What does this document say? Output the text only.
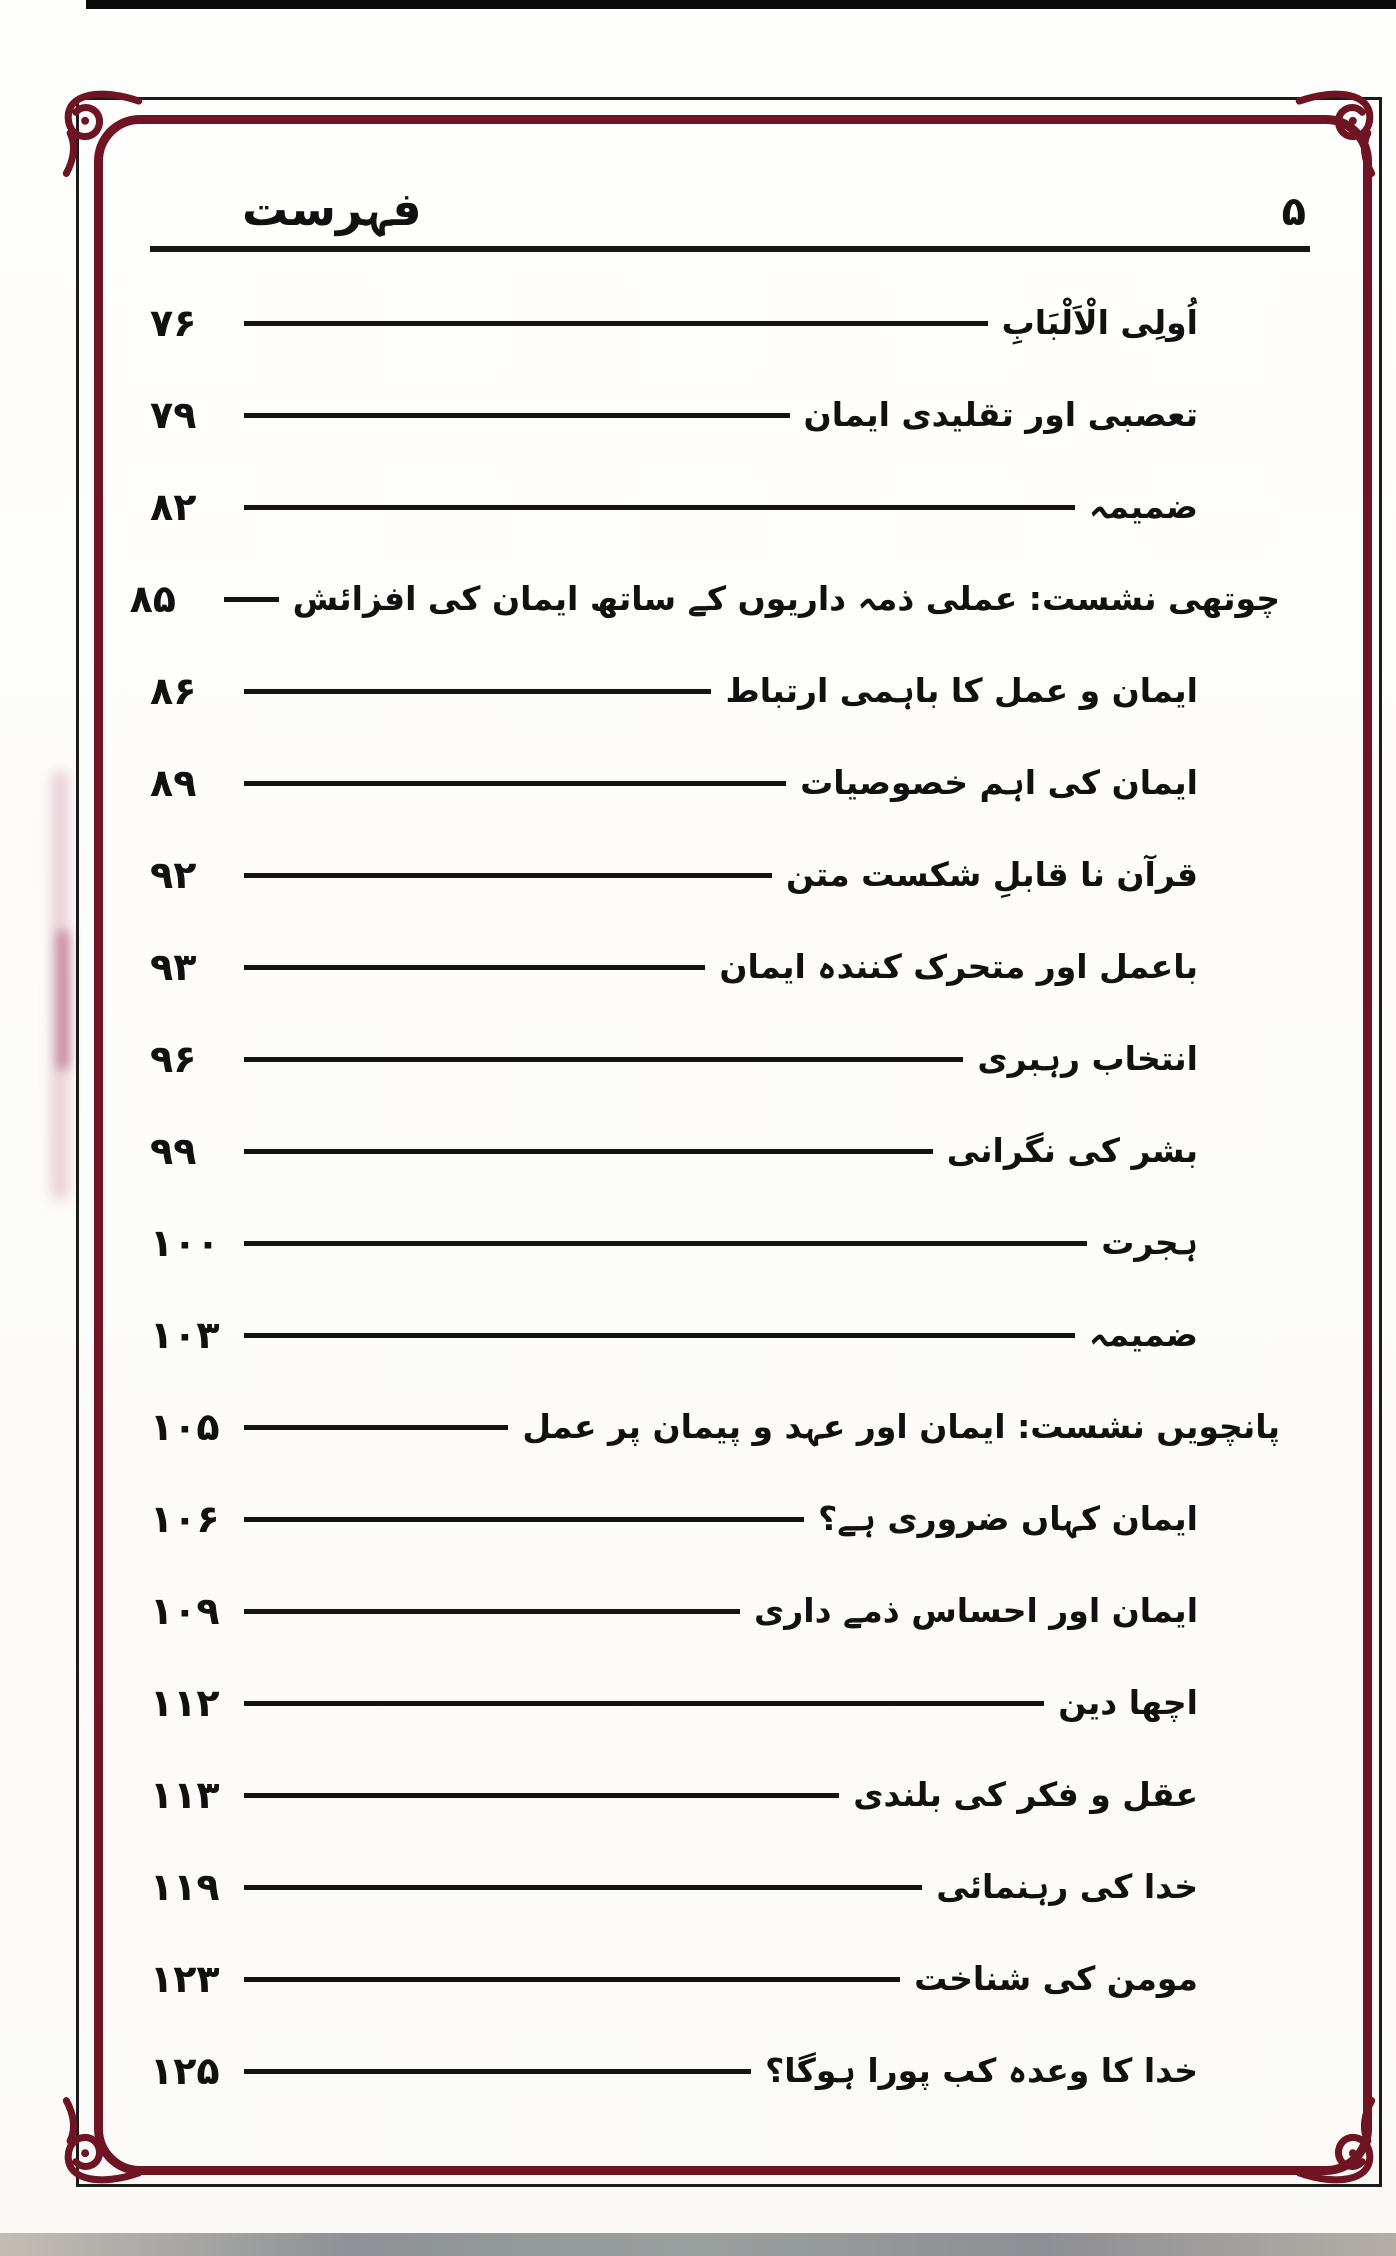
۵
فہرست
اُولِی الْاَلْبَابِ
۷۶
تعصبی اور تقلیدی ایمان
۷۹
ضمیمہ
۸۲
چوتھی نشست: عملی ذمہ داریوں کے ساتھ ایمان کی افزائش
۸۵
ایمان و عمل کا باہمی ارتباط
۸۶
ایمان کی اہم خصوصیات
۸۹
قرآن نا قابلِ شکست متن
۹۲
باعمل اور متحرک کنندہ ایمان
۹۳
انتخاب رہبری
۹۶
بشر کی نگرانی
۹۹
ہجرت
۱۰۰
ضمیمہ
۱۰۳
پانچویں نشست: ایمان اور عہد و پیمان پر عمل
۱۰۵
ایمان کہاں ضروری ہے؟
۱۰۶
ایمان اور احساس ذمے داری
۱۰۹
اچھا دین
۱۱۲
عقل و فکر کی بلندی
۱۱۳
خدا کی رہنمائی
۱۱۹
مومن کی شناخت
۱۲۳
خدا کا وعدہ کب پورا ہوگا؟
۱۲۵
